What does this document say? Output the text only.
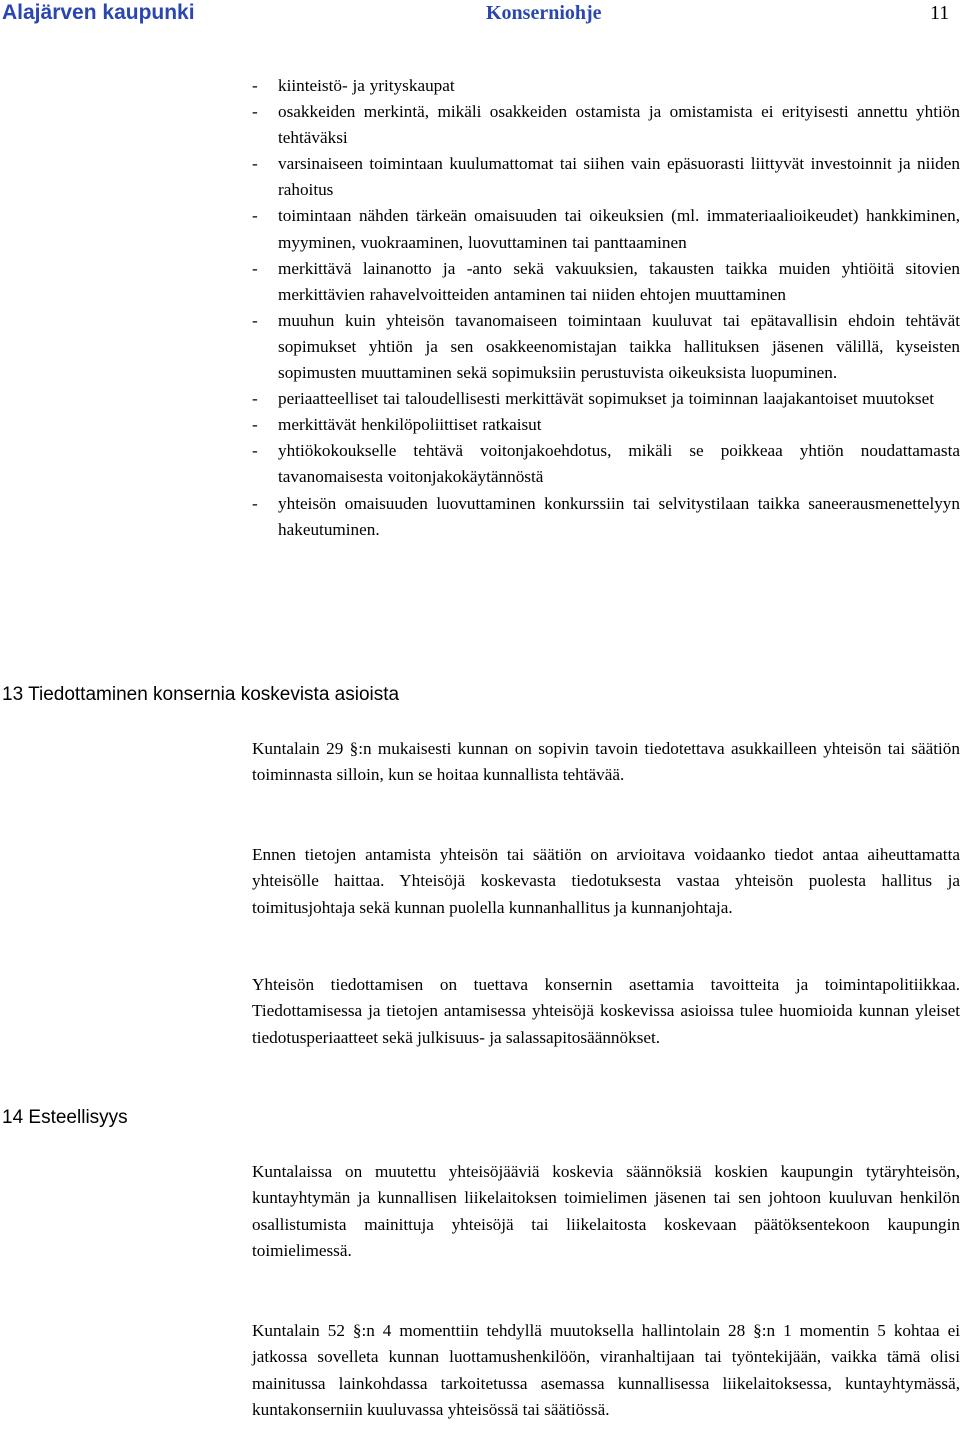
Alajärven kaupunki	Konserniohje	11
- kiinteistö- ja yrityskaupat
- osakkeiden merkintä, mikäli osakkeiden ostamista ja omistamista ei erityisesti annettu yhtiön tehtäväksi
- varsinaiseen toimintaan kuulumattomat tai siihen vain epäsuorasti liittyvät investoinnit ja niiden rahoitus
- toimintaan nähden tärkeän omaisuuden tai oikeuksien (ml. immateriaalioikeudet) hankkiminen, myyminen, vuokraaminen, luovuttaminen tai panttaaminen
- merkittävä lainanotto ja -anto sekä vakuuksien, takausten taikka muiden yhtiöitä sitovien merkittävien rahavelvoitteiden antaminen tai niiden ehtojen muuttaminen
- muuhun kuin yhteisön tavanomaiseen toimintaan kuuluvat tai epätavallisin ehdoin tehtävät sopimukset yhtiön ja sen osakkeenomistajan taikka hallituksen jäsenen välillä, kyseisten sopimusten muuttaminen sekä sopimuksiin perustuvista oikeuksista luopuminen.
- periaatteelliset tai taloudellisesti merkittävät sopimukset ja toiminnan laajakantoiset muutokset
- merkittävät henkilöpoliittiset ratkaisut
- yhtiökokoukselle tehtävä voitonjakoehdotus, mikäli se poikkeaa yhtiön noudattamasta tavanomaisesta voitonjakokäytännöstä
- yhteisön omaisuuden luovuttaminen konkurssiin tai selvitystilaan taikka saneerausmenettelyyn hakeutuminen.
13 Tiedottaminen konsernia koskevista asioista

Kuntalain 29 §:n mukaisesti kunnan on sopivin tavoin tiedotettava asukkailleen yhteisön tai säätiön toiminnasta silloin, kun se hoitaa kunnallista tehtävää.

Ennen tietojen antamista yhteisön tai säätiön on arvioitava voidaanko tiedot antaa aiheuttamatta yhteisölle haittaa. Yhteisöjä koskevasta tiedotuksesta vastaa yhteisön puolesta hallitus ja toimitusjohtaja sekä kunnan puolella kunnanhallitus ja kunnanjohtaja.

Yhteisön tiedottamisen on tuettava konsernin asettamia tavoitteita ja toimintapolitiikkaa. Tiedottamisessa ja tietojen antamisessa yhteisöjä koskevissa asioissa tulee huomioida kunnan yleiset tiedotusperiaatteet sekä julkisuus- ja salassapitosäännökset.

14 Esteellisyys

Kuntalaissa on muutettu yhteisöjääviä koskevia säännöksiä koskien kaupungin tytäryhteisön, kuntayhtymän ja kunnallisen liikelaitoksen toimielimen jäsenen tai sen johtoon kuuluvan henkilön osallistumista mainittuja yhteisöjä tai liikelaitosta koskevaan päätöksentekoon kaupungin toimielimessä.

Kuntalain 52 §:n 4 momenttiin tehdyllä muutoksella hallintolain 28 §:n 1 momentin 5 kohtaa ei jatkossa sovelleta kunnan luottamushenkilöön, viranhaltijaan tai työntekijään, vaikka tämä olisi mainitussa lainkohdassa tarkoitetussa asemassa kunnallisessa liikelaitoksessa, kuntayhtymässä, kuntakonserniin kuuluvassa yhteisössä tai säätiössä.
